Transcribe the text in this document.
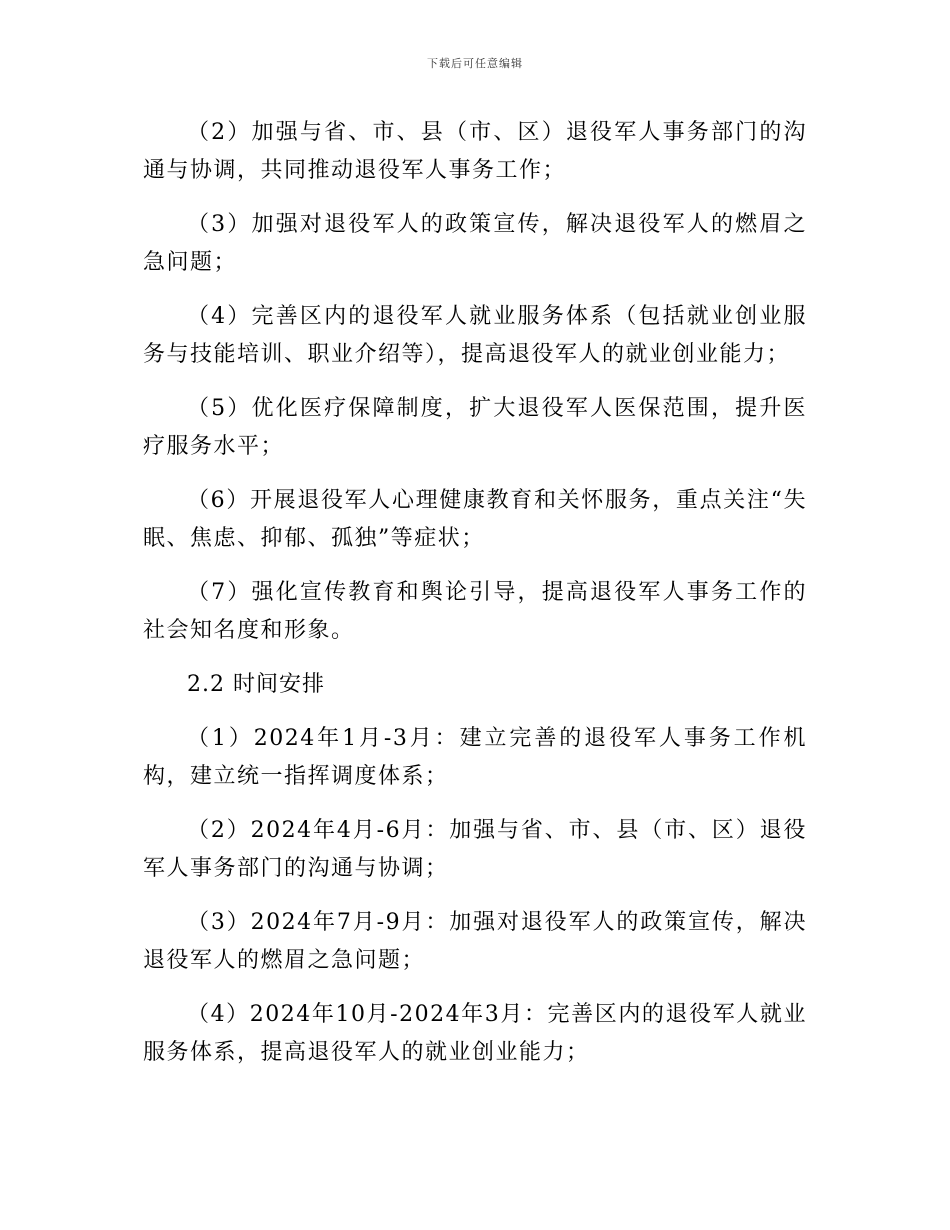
下载后可任意编辑

（2）加强与省、市、县（市、区）退役军人事务部门的沟通与协调，共同推动退役军人事务工作；

（3）加强对退役军人的政策宣传，解决退役军人的燃眉之急问题；

（4）完善区内的退役军人就业服务体系（包括就业创业服务与技能培训、职业介绍等），提高退役军人的就业创业能力；

（5）优化医疗保障制度，扩大退役军人医保范围，提升医疗服务水平；

（6）开展退役军人心理健康教育和关怀服务，重点关注“失眠、焦虑、抑郁、孤独”等症状；

（7）强化宣传教育和舆论引导，提高退役军人事务工作的社会知名度和形象。

2.2 时间安排

（1）2024年1月-3月：建立完善的退役军人事务工作机构，建立统一指挥调度体系；

（2）2024年4月-6月：加强与省、市、县（市、区）退役军人事务部门的沟通与协调；

（3）2024年7月-9月：加强对退役军人的政策宣传，解决退役军人的燃眉之急问题；

（4）2024年10月-2024年3月：完善区内的退役军人就业服务体系，提高退役军人的就业创业能力；
